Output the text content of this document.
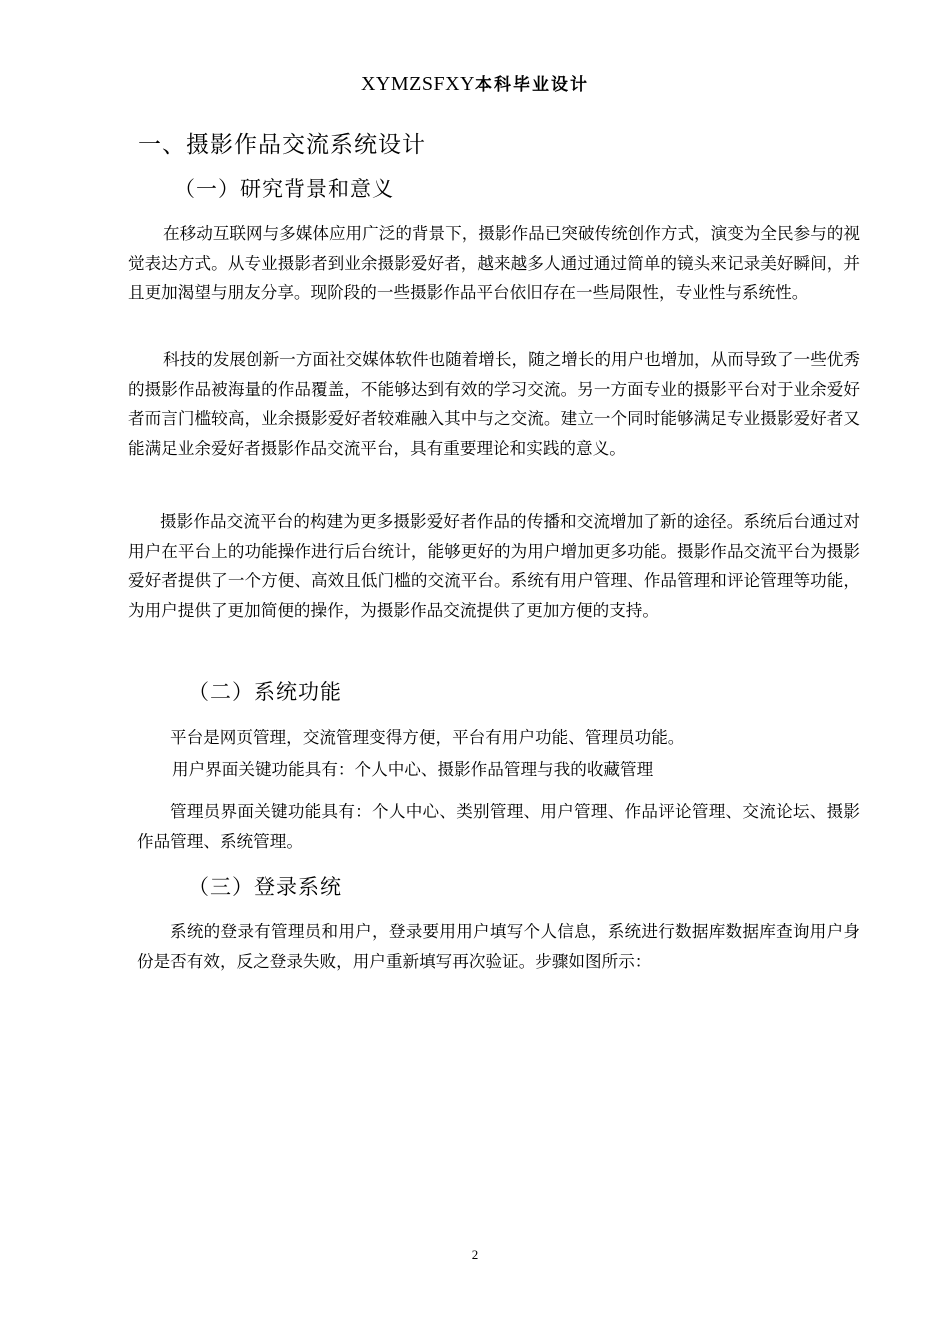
XYMZSFXY本科毕业设计
一、摄影作品交流系统设计
（一）研究背景和意义

在移动互联网与多媒体应用广泛的背景下，摄影作品已突破传统创作方式，演变为全民参与的视觉表达方式。从专业摄影者到业余摄影爱好者，越来越多人通过通过简单的镜头来记录美好瞬间，并且更加渴望与朋友分享。现阶段的一些摄影作品平台依旧存在一些局限性，专业性与系统性。

科技的发展创新一方面社交媒体软件也随着增长，随之增长的用户也增加，从而导致了一些优秀的摄影作品被海量的作品覆盖，不能够达到有效的学习交流。另一方面专业的摄影平台对于业余爱好者而言门槛较高，业余摄影爱好者较难融入其中与之交流。建立一个同时能够满足专业摄影爱好者又能满足业余爱好者摄影作品交流平台，具有重要理论和实践的意义。

摄影作品交流平台的构建为更多摄影爱好者作品的传播和交流增加了新的途径。系统后台通过对用户在平台上的功能操作进行后台统计，能够更好的为用户增加更多功能。摄影作品交流平台为摄影爱好者提供了一个方便、高效且低门槛的交流平台。系统有用户管理、作品管理和评论管理等功能，为用户提供了更加简便的操作，为摄影作品交流提供了更加方便的支持。

（二）系统功能

平台是网页管理，交流管理变得方便，平台有用户功能、管理员功能。

用户界面关键功能具有：个人中心、摄影作品管理与我的收藏管理

管理员界面关键功能具有：个人中心、类别管理、用户管理、作品评论管理、交流论坛、摄影作品管理、系统管理。

（三）登录系统

系统的登录有管理员和用户，登录要用用户填写个人信息，系统进行数据库数据库查询用户身份是否有效，反之登录失败，用户重新填写再次验证。步骤如图所示：

2
